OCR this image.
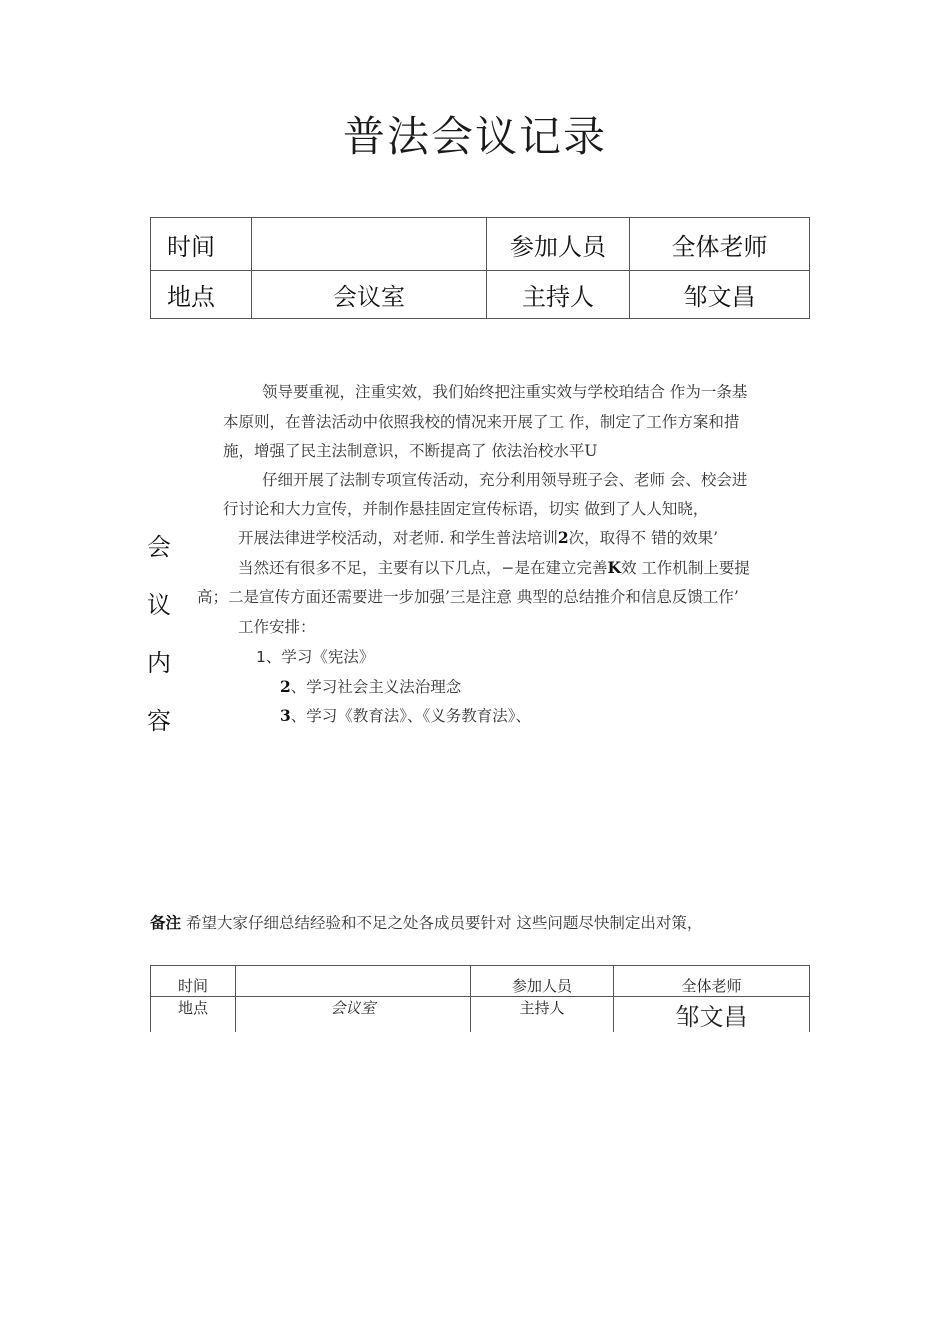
普法会议记录
时间		参加人员	全体老师
地点	会议室	主持人	邹文昌
会
议
内
容
领导要重视，注重实效，我们始终把注重实效与学校珀结合 作为一条基
本原则，在普法活动中依照我校的情况来开展了工 作，制定了工作方案和措
施，增强了民主法制意识，不断提高了 依法治校水平U
仔细开展了法制专项宣传活动，充分利用领导班子会、老师 会、校会进
行讨论和大力宣传，并制作悬挂固定宣传标语，切实 做到了人人知晓，
开展法律进学校活动，对老师. 和学生普法培训2次，取得不 错的效果’
当然还有很多不足，主要有以下几点，−是在建立完善K效 工作机制上要提
高；二是宣传方面还需要进一步加强’三是注意 典型的总结推介和信息反馈工作’
工作安排：
1、学习《宪法》
2、学习社会主义法治理念
3、学习《教育法》、《义务教育法》、
备注 希望大家仔细总结经验和不足之处各成员要针对 这些问题尽快制定出对策，
时间		参加人员	全体老师
地点	会议室	主持人	邹文昌
